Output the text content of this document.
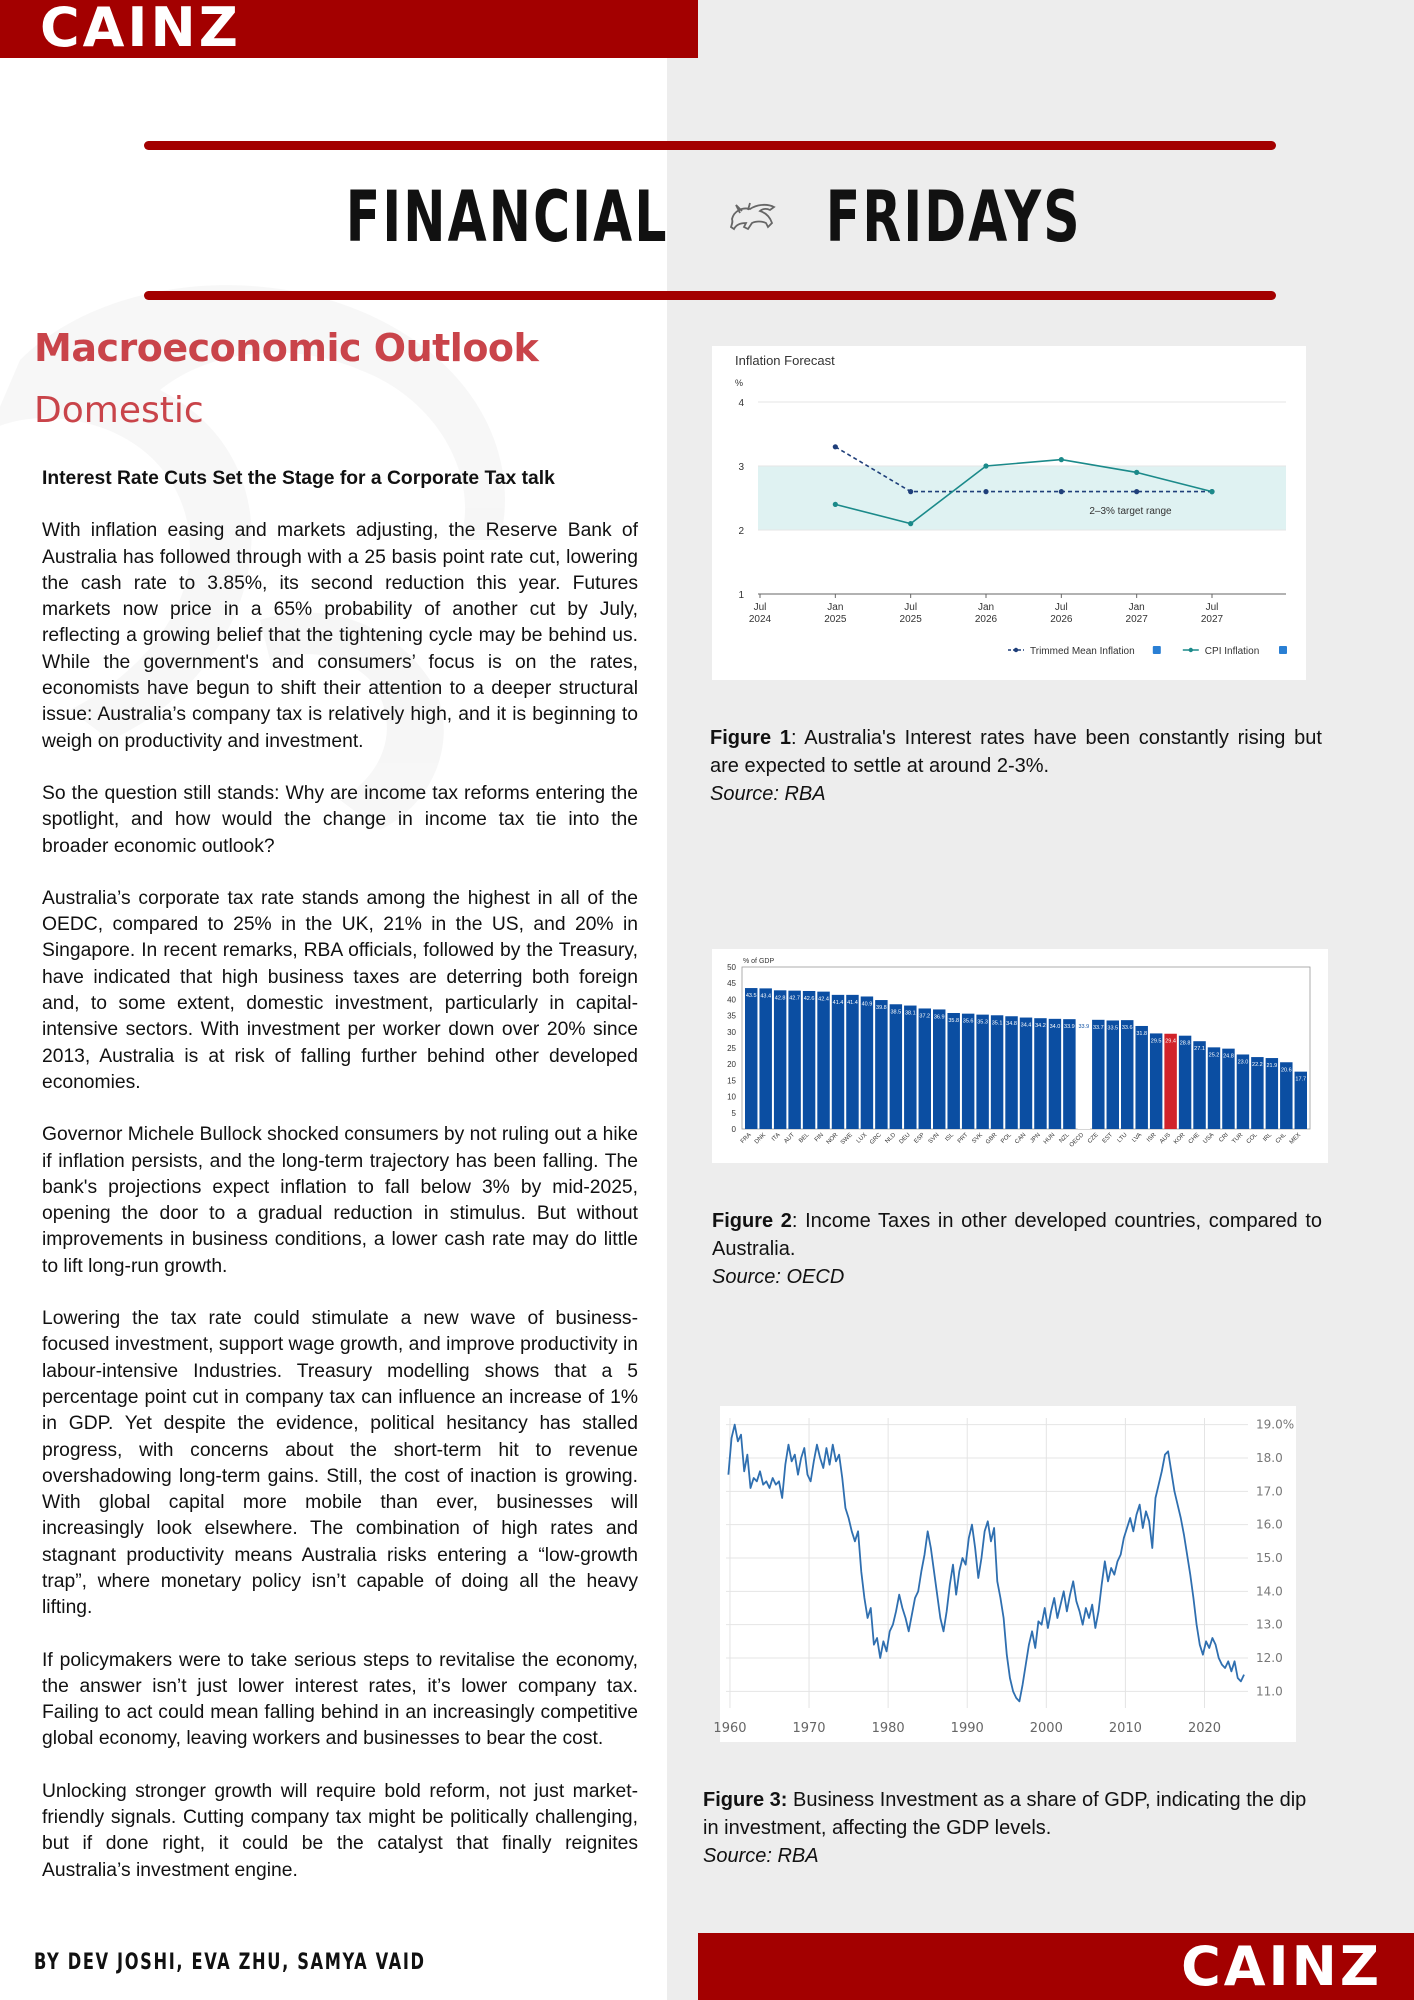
CAINZ
FINANCIAL FRIDAYS
Macroeconomic Outlook
Domestic

Interest Rate Cuts Set the Stage for a Corporate Tax talk

With inflation easing and markets adjusting, the Reserve Bank of Australia has followed through with a 25 basis point rate cut, lowering the cash rate to 3.85%, its second reduction this year. Futures markets now price in a 65% probability of another cut by July, reflecting a growing belief that the tightening cycle may be behind us. While the government's and consumers’ focus is on the rates, economists have begun to shift their attention to a deeper structural issue: Australia’s company tax is relatively high, and it is beginning to weigh on productivity and investment.

So the question still stands: Why are income tax reforms entering the spotlight, and how would the change in income tax tie into the broader economic outlook?

Australia’s corporate tax rate stands among the highest in all of the OEDC, compared to 25% in the UK, 21% in the US, and 20% in Singapore. In recent remarks, RBA officials, followed by the Treasury, have indicated that high business taxes are deterring both foreign and, to some extent, domestic investment, particularly in capital-intensive sectors. With investment per worker down over 20% since 2013, Australia is at risk of falling further behind other developed economies.

Governor Michele Bullock shocked consumers by not ruling out a hike if inflation persists, and the long-term trajectory has been falling. The bank's projections expect inflation to fall below 3% by mid-2025, opening the door to a gradual reduction in stimulus. But without improvements in business conditions, a lower cash rate may do little to lift long-run growth.

Lowering the tax rate could stimulate a new wave of business-focused investment, support wage growth, and improve productivity in labour-intensive Industries. Treasury modelling shows that a 5 percentage point cut in company tax can influence an increase of 1% in GDP. Yet despite the evidence, political hesitancy has stalled progress, with concerns about the short-term hit to revenue overshadowing long-term gains. Still, the cost of inaction is growing. With global capital more mobile than ever, businesses will increasingly look elsewhere. The combination of high rates and stagnant productivity means Australia risks entering a “low-growth trap”, where monetary policy isn’t capable of doing all the heavy lifting.

If policymakers were to take serious steps to revitalise the economy, the answer isn’t just lower interest rates, it’s lower company tax. Failing to act could mean falling behind in an increasingly competitive global economy, leaving workers and businesses to bear the cost.

Unlocking stronger growth will require bold reform, not just market-friendly signals. Cutting company tax might be politically challenging, but if done right, it could be the catalyst that finally reignites Australia’s investment engine.

BY DEV JOSHI, EVA ZHU, SAMYA VAID
Inflation Forecast
%
1
2
3
4
Jul
2024
Jan
2025
Jul
2025
Jan
2026
Jul
2026
Jan
2027
Jul
2027
2–3% target range
Trimmed Mean Inflation	CPI Inflation
Figure 1: Australia's Interest rates have been constantly rising but are expected to settle at around 2-3%.
Source: RBA
% of GDP
0
5
10
15
20
25
30
35
40
45
50
43.5
FRA
43.4
DNK
42.8
ITA
42.7
AUT
42.6
BEL
42.4
FIN
41.4
NOR
41.4
SWE
40.9
LUX
39.8
GRC
38.5
NLD
38.1
DEU
37.2
ESP
36.9
SVN
35.8
ISL
35.6
PRT
35.3
SVK
35.1
GBR
34.8
POL
34.4
CAN
34.2
JPN
34.0
HUN
33.9
NZL
33.9
OECD
33.7
CZE
33.5
EST
33.6
LTU
31.8
LVA
29.5
ISR
29.4
AUS
28.8
KOR
27.1
CHE
25.2
USA
24.8
CRI
23.0
TUR
22.2
COL
21.9
IRL
20.6
CHL
17.7
MEX
Figure 2: Income Taxes in other developed countries, compared to Australia.
Source: OECD
11.0
12.0
13.0
14.0
15.0
16.0
17.0
18.0
19.0%
1960	1970	1980	1990	2000	2010	2020
Figure 3: Business Investment as a share of GDP, indicating the dip in investment, affecting the GDP levels.
Source: RBA
CAINZ
